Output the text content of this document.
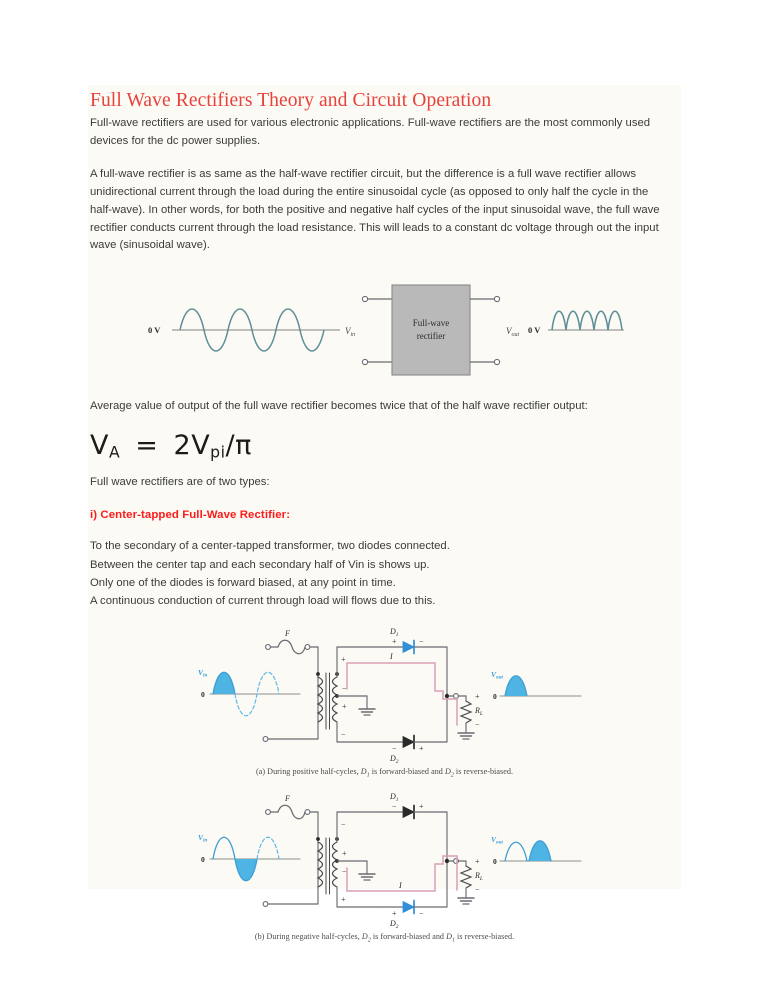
Full Wave Rectifiers Theory and Circuit Operation

Full-wave rectifiers are used for various electronic applications. Full-wave rectifiers are the most commonly used devices for the dc power supplies.

A full-wave rectifier is as same as the half-wave rectifier circuit, but the difference is a full wave rectifier allows unidirectional current through the load during the entire sinusoidal cycle (as opposed to only half the cycle in the half-wave). In other words, for both the positive and negative half cycles of the input sinusoidal wave, the full wave rectifier conducts current through the load resistance. This will leads to a constant dc voltage through out the input wave (sinusoidal wave).

0 V	$V_{in}$
Full-wave
rectifier	$V_{out}$ 0 V

Average value of output of the full wave rectifier becomes twice that of the half wave rectifier output:

$V_A = 2V_{pi}/\pi$

Full wave rectifiers are of two types:

i) Center-tapped Full-Wave Rectifier:
To the secondary of a center-tapped transformer, two diodes connected.
Between the center tap and each secondary half of Vin is shows up.
Only one of the diodes is forward biased, at any point in time.
A continuous conduction of current through load will flows due to this.
$V_{in}$
0
F
+
−
+
−
$D_1$
+	−
$D_2$
−	+
$R_L$
+
−
I
$V_{out}$
0
(a) During positive half-cycles, $D_1$ is forward-biased and $D_2$ is reverse-biased.
$V_{in}$
0
F
−
+
−
+
$D_1$
−	+
$D_2$
+	−
$R_L$
+
−
I
$V_{out}$
0
(b) During negative half-cycles, $D_2$ is forward-biased and $D_1$ is reverse-biased.
